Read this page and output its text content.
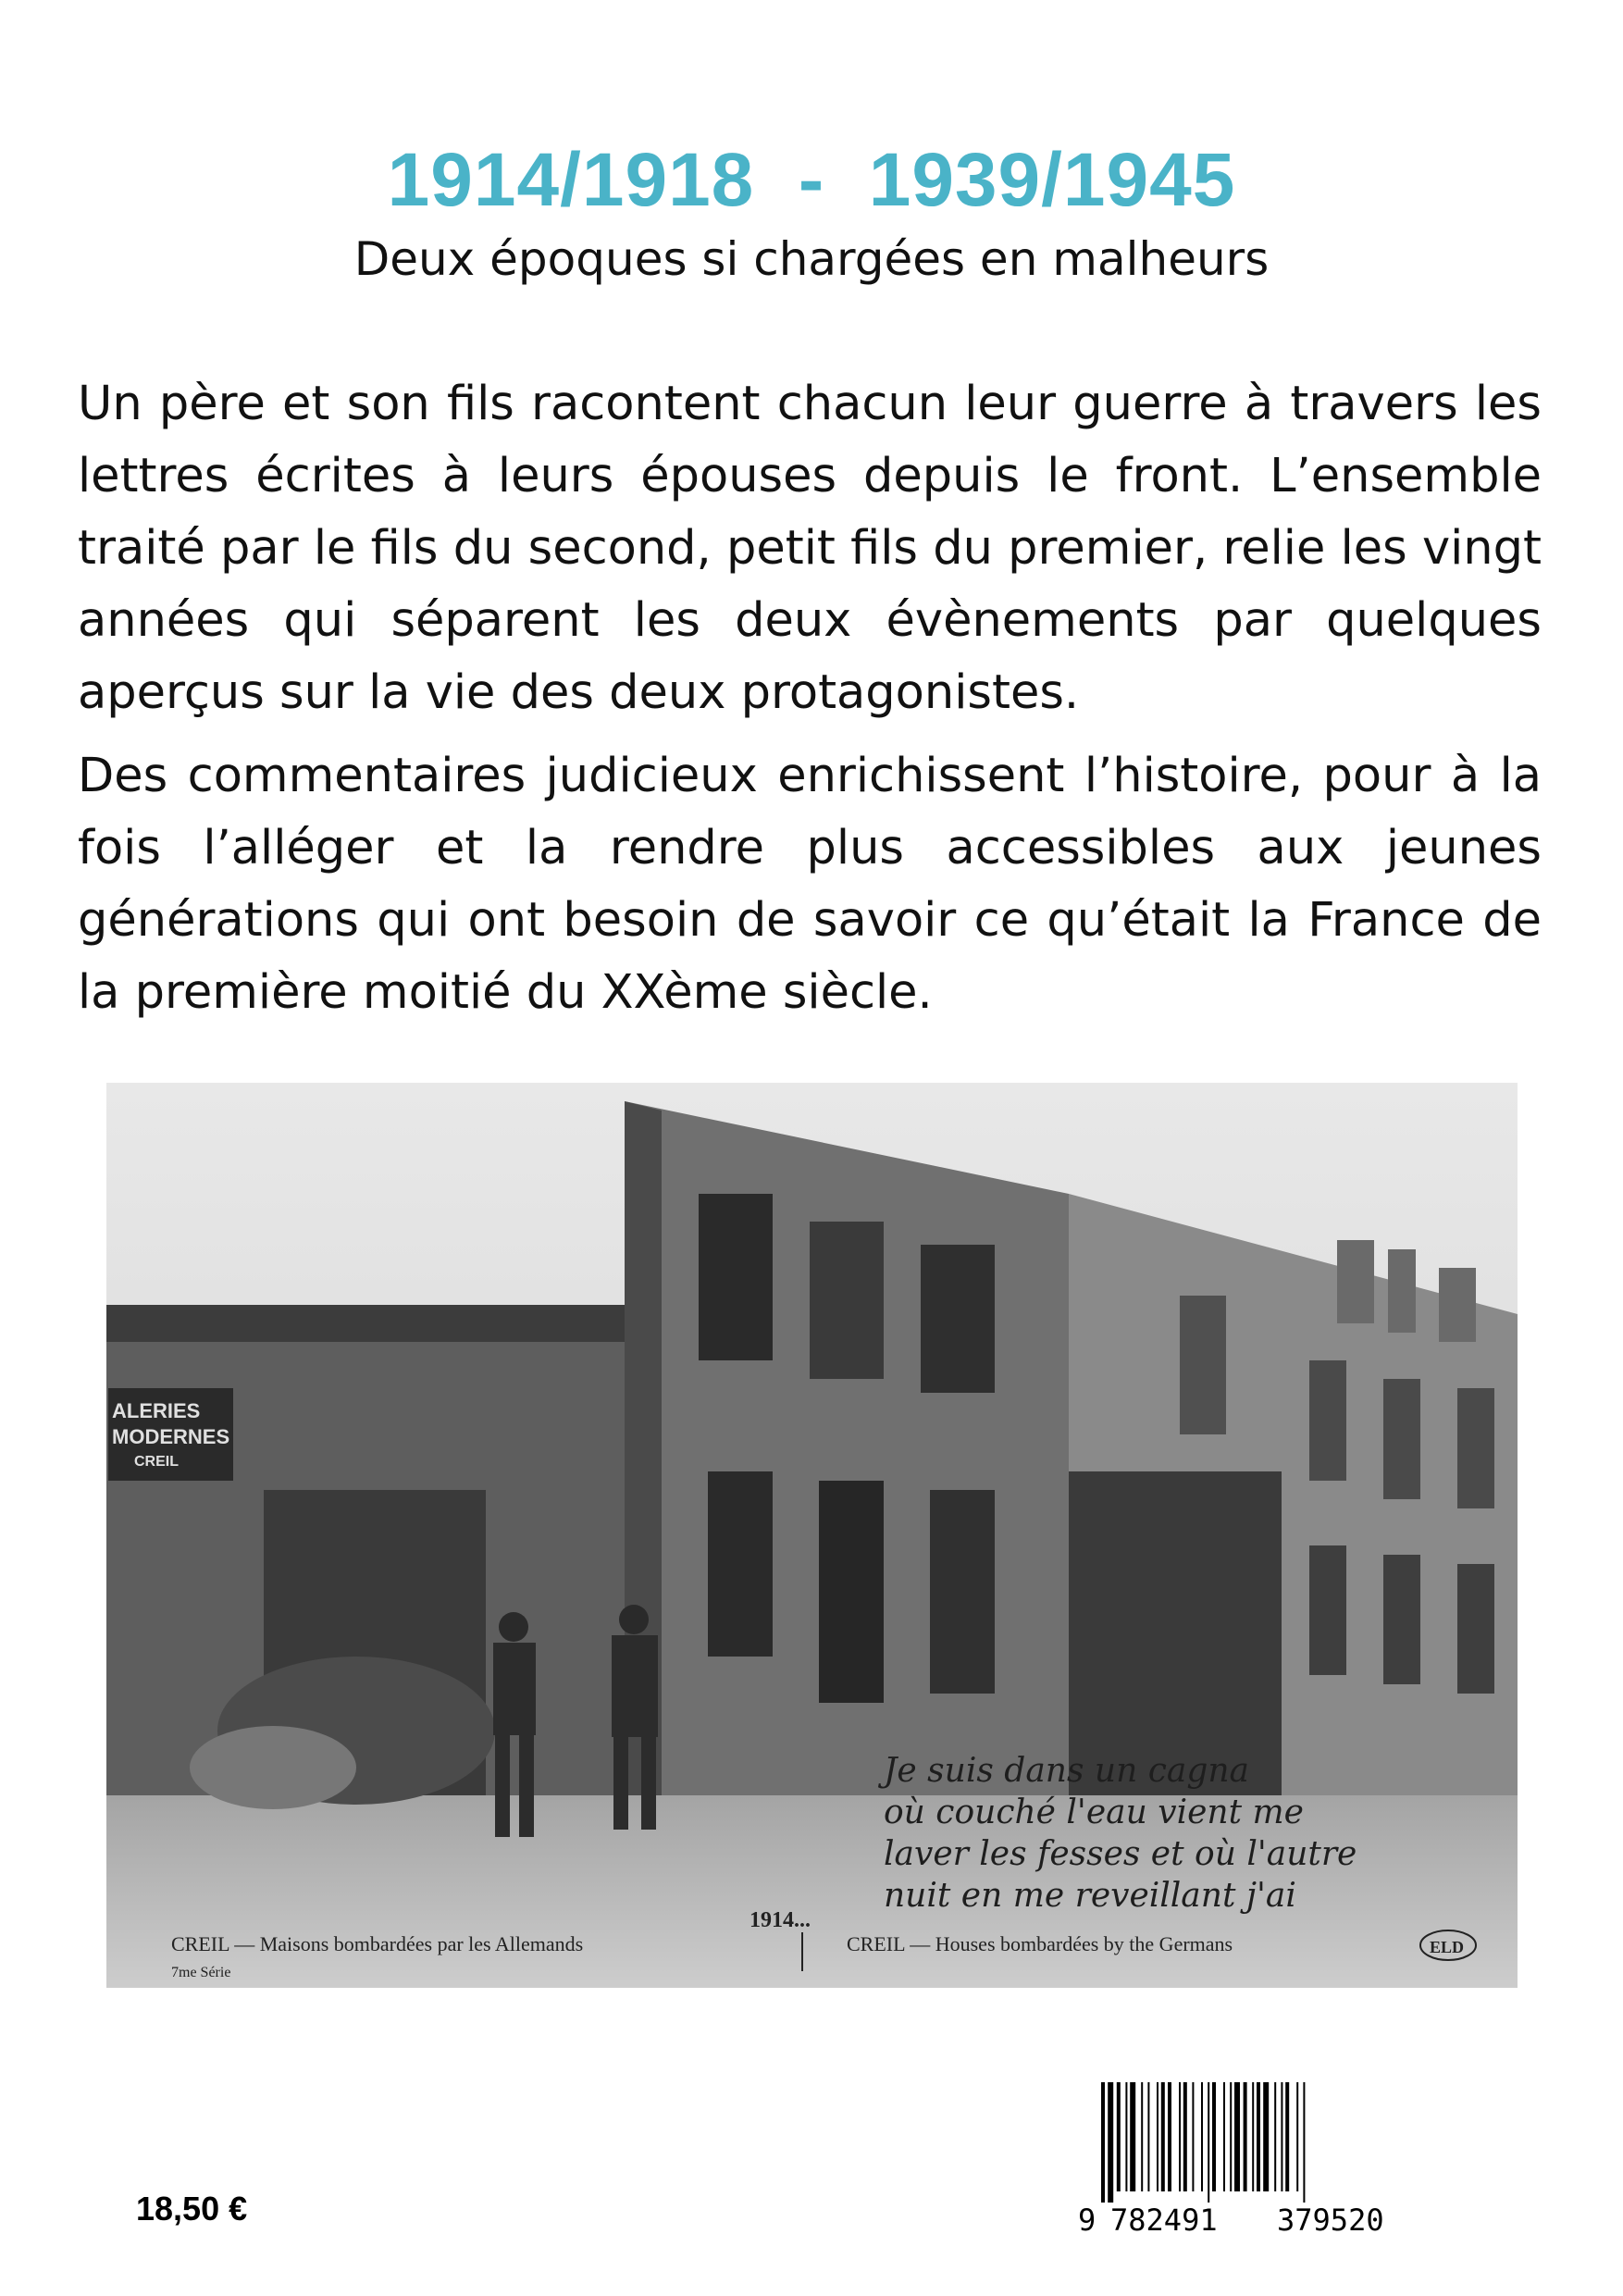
1914/1918  -  1939/1945
Deux époques si chargées en malheurs

Un père et son fils racontent chacun leur guerre à travers les lettres écrites à leurs épouses depuis le front. L’ensemble traité par le fils du second, petit fils du premier, relie les vingt années qui séparent les deux évènements par quelques aperçus sur la vie des deux protagonistes.

Des commentaires judicieux enrichissent l’histoire, pour à la fois l’alléger et la rendre plus accessibles aux jeunes générations qui ont besoin de savoir ce qu’était la France de la première moitié du XXème siècle.

ALERIES
MODERNES
CREIL
Je suis dans un cagna
où couché l'eau vient me
laver les fesses et où l'autre
nuit en me reveillant j'ai
1914...
CREIL — Maisons bombardées par les Allemands	CREIL — Houses bombardées by the Germans
7me Série
ELD
18,50 €	9 782491 379520
